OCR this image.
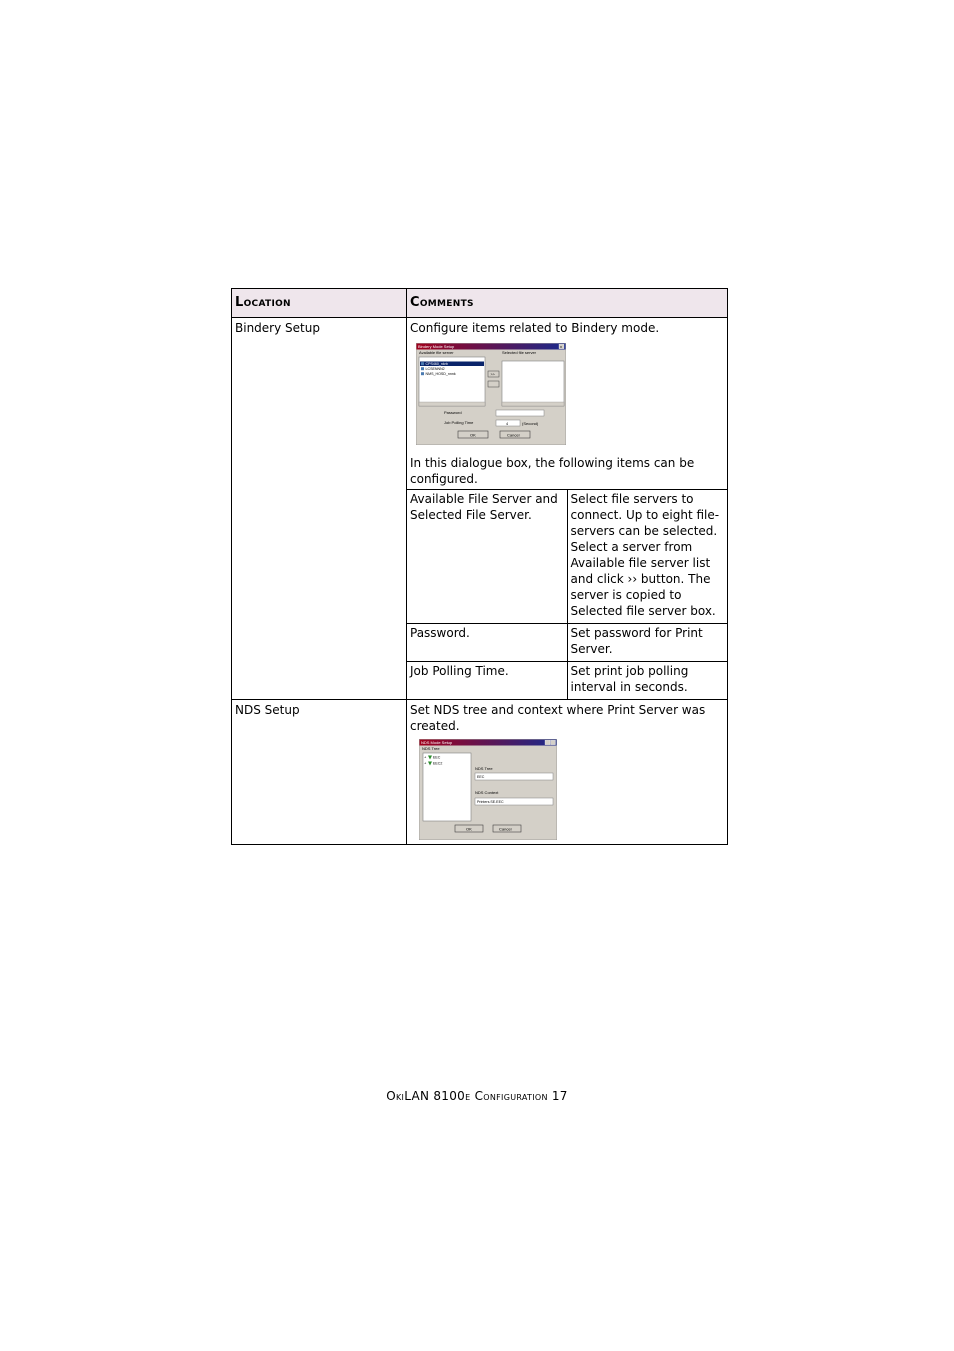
Location	Comments
Bindery Setup	Configure items related to Bindery mode.
Bindery Mode Setup	x
Available file server	Selected file server
CPS460_nkrb
LCSENNN2
NMS_HOSD_nnnk	>>
Password
Job Polling Time	4	(Second)
OK	Cancel
In this dialogue box, the following items can be configured.

Available File Server and Selected File Server.	Select file servers to connect. Up to eight file-servers can be selected. Select a server from Available file server list and click ›› button. The server is copied to Selected file server box.
Password.	Set password for Print Server.
Job Polling Time.	Set print job polling interval in seconds.

NDS Setup	Set NDS tree and context where Print Server was created.
NDS Mode Setup
NDS Tree
+ EEC
+ EEC2
NDS Tree
EEC
NDS Context
Printers.SE.EEC
OK	Cancel
OkiLAN 8100e Configuration 17
